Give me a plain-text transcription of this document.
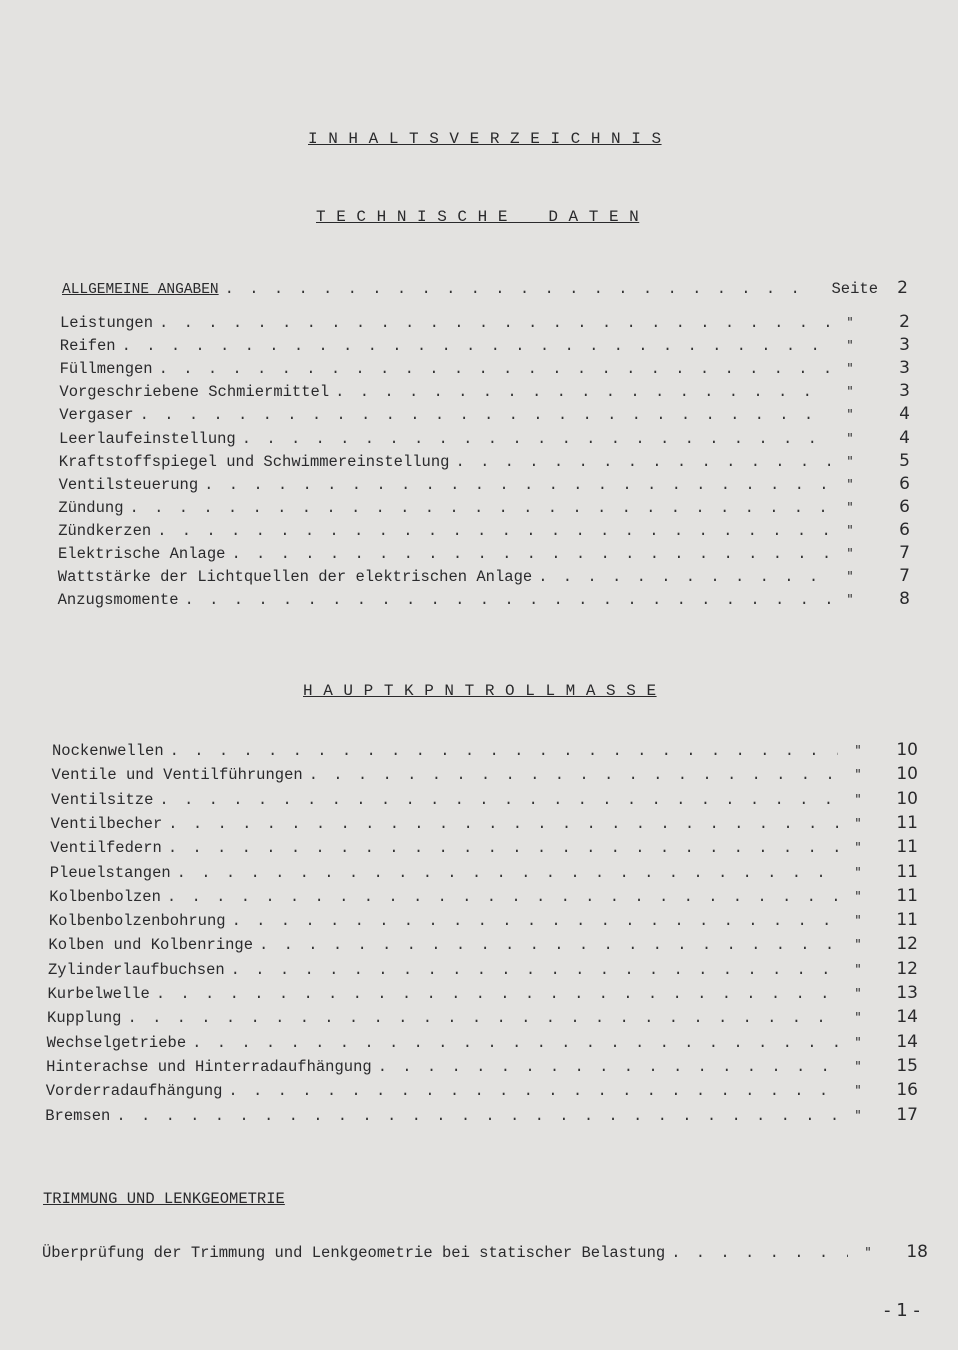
I N H A L T S V E R Z E I C H N I S
T E C H N I S C H E    D A T E N
ALLGEMEINE ANGABEN . . .	Seite	2
Leistungen . . .	"	2
Reifen . . .	"	3
Füllmengen . . .	"	3
Vorgeschriebene Schmiermittel . . .	"	3
Vergaser . . .	"	4
Leerlaufeinstellung . . .	"	4
Kraftstoffspiegel und Schwimmereinstellung . . .	"	5
Ventilsteuerung . . .	"	6
Zündung . . .	"	6
Zündkerzen . . .	"	6
Elektrische Anlage . . .	"	7
Wattstärke der Lichtquellen der elektrischen Anlage . . .	"	7
Anzugsmomente . . .	"	8
H A U P T K P N T R O L L M A S S E
Nockenwellen . . .	"	10
Ventile und Ventilführungen . . .	"	10
Ventilsitze . . .	"	10
Ventilbecher . . .	"	11
Ventilfedern . . .	"	11
Pleuelstangen . . .	"	11
Kolbenbolzen . . .	"	11
Kolbenbolzenbohrung . . .	"	11
Kolben und Kolbenringe . . .	"	12
Zylinderlaufbuchsen . . .	"	12
Kurbelwelle . . .	"	13
Kupplung . . .	"	14
Wechselgetriebe . . .	"	14
Hinterachse und Hinterradaufhängung . . .	"	15
Vorderradaufhängung . . .	"	16
Bremsen . . .	"	17
TRIMMUNG UND LENKGEOMETRIE
Überprüfung der Trimmung und Lenkgeometrie bei statischer Belastung . . .	"	18
- 1 -
